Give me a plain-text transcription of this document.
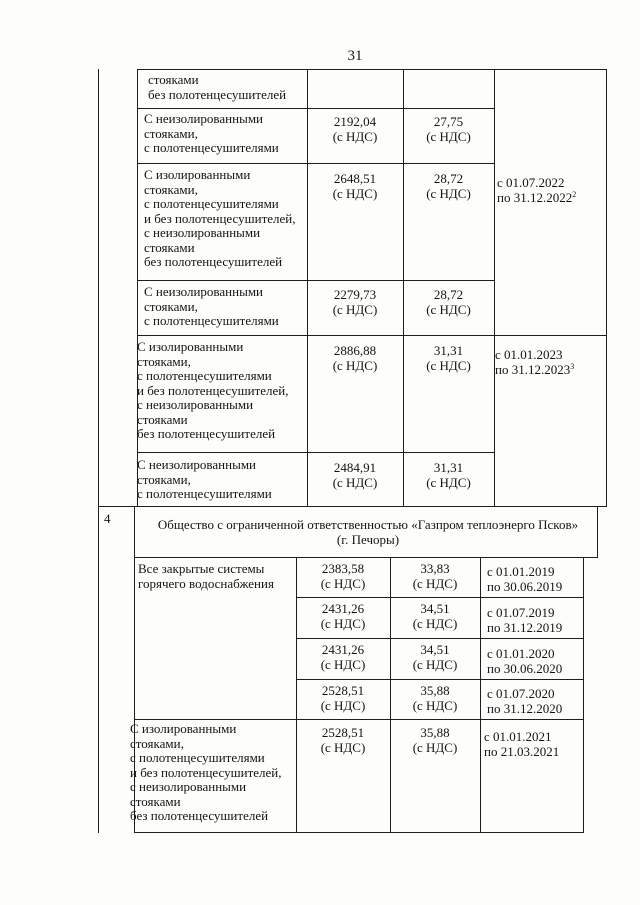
31
стояками
без полотенцесушителей
С неизолированными
стояками,
с полотенцесушителями
2192,04
(с НДС)
27,75
(с НДС)
С изолированными
стояками,
с полотенцесушителями
и без полотенцесушителей,
с неизолированными
стояками
без полотенцесушителей
2648,51
(с НДС)
28,72
(с НДС)
с 01.07.2022
по 31.12.2022$^2$
С неизолированными
стояками,
с полотенцесушителями
2279,73
(с НДС)
28,72
(с НДС)
С изолированными
стояками,
с полотенцесушителями
и без полотенцесушителей,
с неизолированными
стояками
без полотенцесушителей
2886,88
(с НДС)
31,31
(с НДС)
с 01.01.2023
по 31.12.2023$^3$
С неизолированными
стояками,
с полотенцесушителями
2484,91
(с НДС)
31,31
(с НДС)
4	Общество с ограниченной ответственностью «Газпром теплоэнерго Псков»
(г. Печоры)
Все закрытые системы
горячего водоснабжения
2383,58
(с НДС)
33,83
(с НДС)
с 01.01.2019
по 30.06.2019
2431,26
(с НДС)
34,51
(с НДС)
с 01.07.2019
по 31.12.2019
2431,26
(с НДС)
34,51
(с НДС)
с 01.01.2020
по 30.06.2020
2528,51
(с НДС)
35,88
(с НДС)
с 01.07.2020
по 31.12.2020
С изолированными
стояками,
с полотенцесушителями
и без полотенцесушителей,
с неизолированными
стояками
без полотенцесушителей
2528,51
(с НДС)
35,88
(с НДС)
с 01.01.2021
по 21.03.2021
